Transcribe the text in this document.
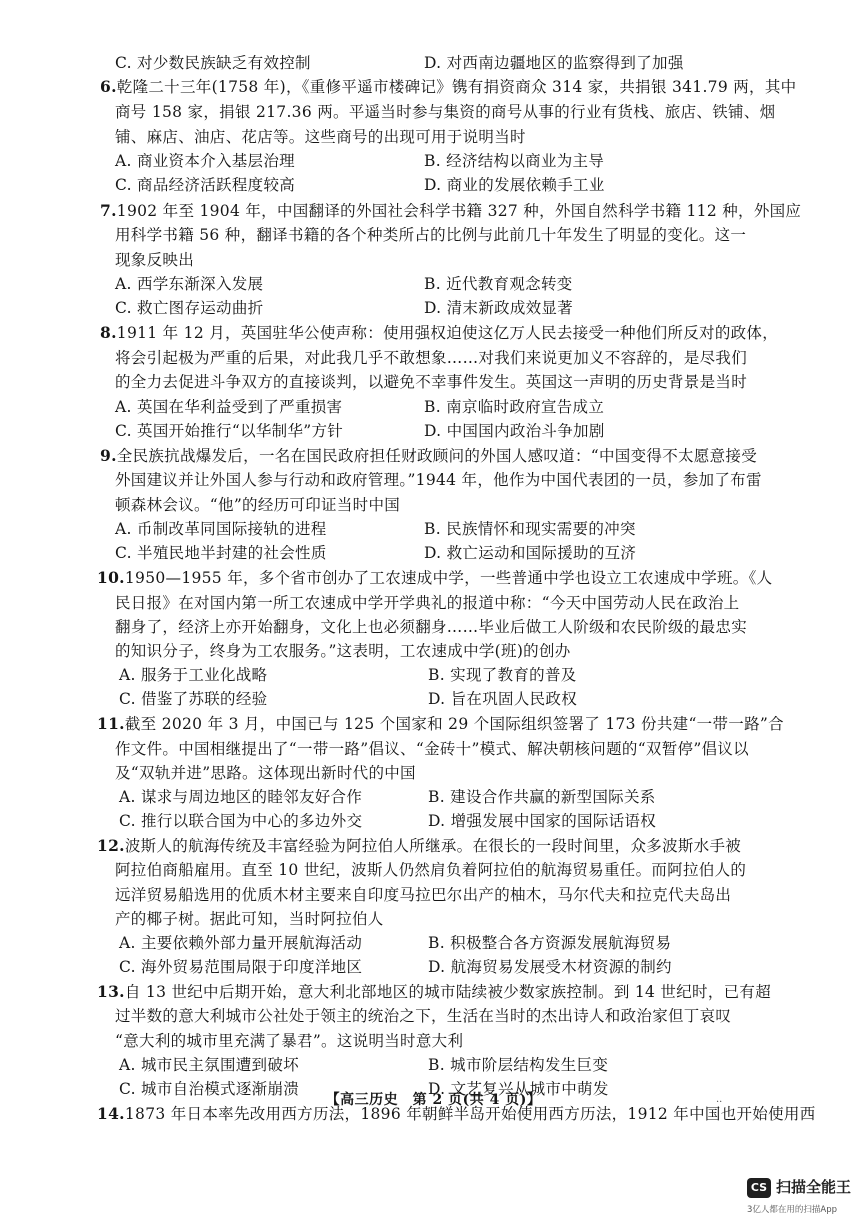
C. 对少数民族缺乏有效控制	D. 对西南边疆地区的监察得到了加强
6.乾隆二十三年(1758 年)，《重修平遥市楼碑记》镌有捐资商众 314 家，共捐银 341.79 两，其中
商号 158 家，捐银 217.36 两。平遥当时参与集资的商号从事的行业有货栈、旅店、铁铺、烟
铺、麻店、油店、花店等。这些商号的出现可用于说明当时
A. 商业资本介入基层治理	B. 经济结构以商业为主导
C. 商品经济活跃程度较高	D. 商业的发展依赖手工业
7.1902 年至 1904 年，中国翻译的外国社会科学书籍 327 种，外国自然科学书籍 112 种，外国应
用科学书籍 56 种，翻译书籍的各个种类所占的比例与此前几十年发生了明显的变化。这一
现象反映出
A. 西学东渐深入发展	B. 近代教育观念转变
C. 救亡图存运动曲折	D. 清末新政成效显著
8.1911 年 12 月，英国驻华公使声称：使用强权迫使这亿万人民去接受一种他们所反对的政体，
将会引起极为严重的后果，对此我几乎不敢想象……对我们来说更加义不容辞的，是尽我们
的全力去促进斗争双方的直接谈判，以避免不幸事件发生。英国这一声明的历史背景是当时
A. 英国在华利益受到了严重损害	B. 南京临时政府宣告成立
C. 英国开始推行“以华制华”方针	D. 中国国内政治斗争加剧
9.全民族抗战爆发后，一名在国民政府担任财政顾问的外国人感叹道：“中国变得不太愿意接受
外国建议并让外国人参与行动和政府管理。”1944 年，他作为中国代表团的一员，参加了布雷
顿森林会议。“他”的经历可印证当时中国
A. 币制改革同国际接轨的进程	B. 民族情怀和现实需要的冲突
C. 半殖民地半封建的社会性质	D. 救亡运动和国际援助的互济
10.1950—1955 年，多个省市创办了工农速成中学，一些普通中学也设立工农速成中学班。《人
民日报》在对国内第一所工农速成中学开学典礼的报道中称：“今天中国劳动人民在政治上
翻身了，经济上亦开始翻身，文化上也必须翻身……毕业后做工人阶级和农民阶级的最忠实
的知识分子，终身为工农服务。”这表明，工农速成中学(班)的创办
A. 服务于工业化战略	B. 实现了教育的普及
C. 借鉴了苏联的经验	D. 旨在巩固人民政权
11.截至 2020 年 3 月，中国已与 125 个国家和 29 个国际组织签署了 173 份共建“一带一路”合
作文件。中国相继提出了“一带一路”倡议、“金砖十”模式、解决朝核问题的“双暂停”倡议以
及“双轨并进”思路。这体现出新时代的中国
A. 谋求与周边地区的睦邻友好合作	B. 建设合作共赢的新型国际关系
C. 推行以联合国为中心的多边外交	D. 增强发展中国家的国际话语权
12.波斯人的航海传统及丰富经验为阿拉伯人所继承。在很长的一段时间里，众多波斯水手被
阿拉伯商船雇用。直至 10 世纪，波斯人仍然肩负着阿拉伯的航海贸易重任。而阿拉伯人的
远洋贸易船选用的优质木材主要来自印度马拉巴尔出产的柚木，马尔代夫和拉克代夫岛出
产的椰子树。据此可知，当时阿拉伯人
A. 主要依赖外部力量开展航海活动	B. 积极整合各方资源发展航海贸易
C. 海外贸易范围局限于印度洋地区	D. 航海贸易发展受木材资源的制约
13.自 13 世纪中后期开始，意大利北部地区的城市陆续被少数家族控制。到 14 世纪时，已有超
过半数的意大利城市公社处于领主的统治之下，生活在当时的杰出诗人和政治家但丁哀叹
“意大利的城市里充满了暴君”。这说明当时意大利
A. 城市民主氛围遭到破坏	B. 城市阶层结构发生巨变
C. 城市自治模式逐渐崩溃	D. 文艺复兴从城市中萌发
14.1873 年日本率先改用西方历法，1896 年朝鲜半岛开始使用西方历法，1912 年中国也开始使用西
【高三历史　第 2 页(共 4 页)】	··
CS 扫描全能王
3亿人都在用的扫描App
